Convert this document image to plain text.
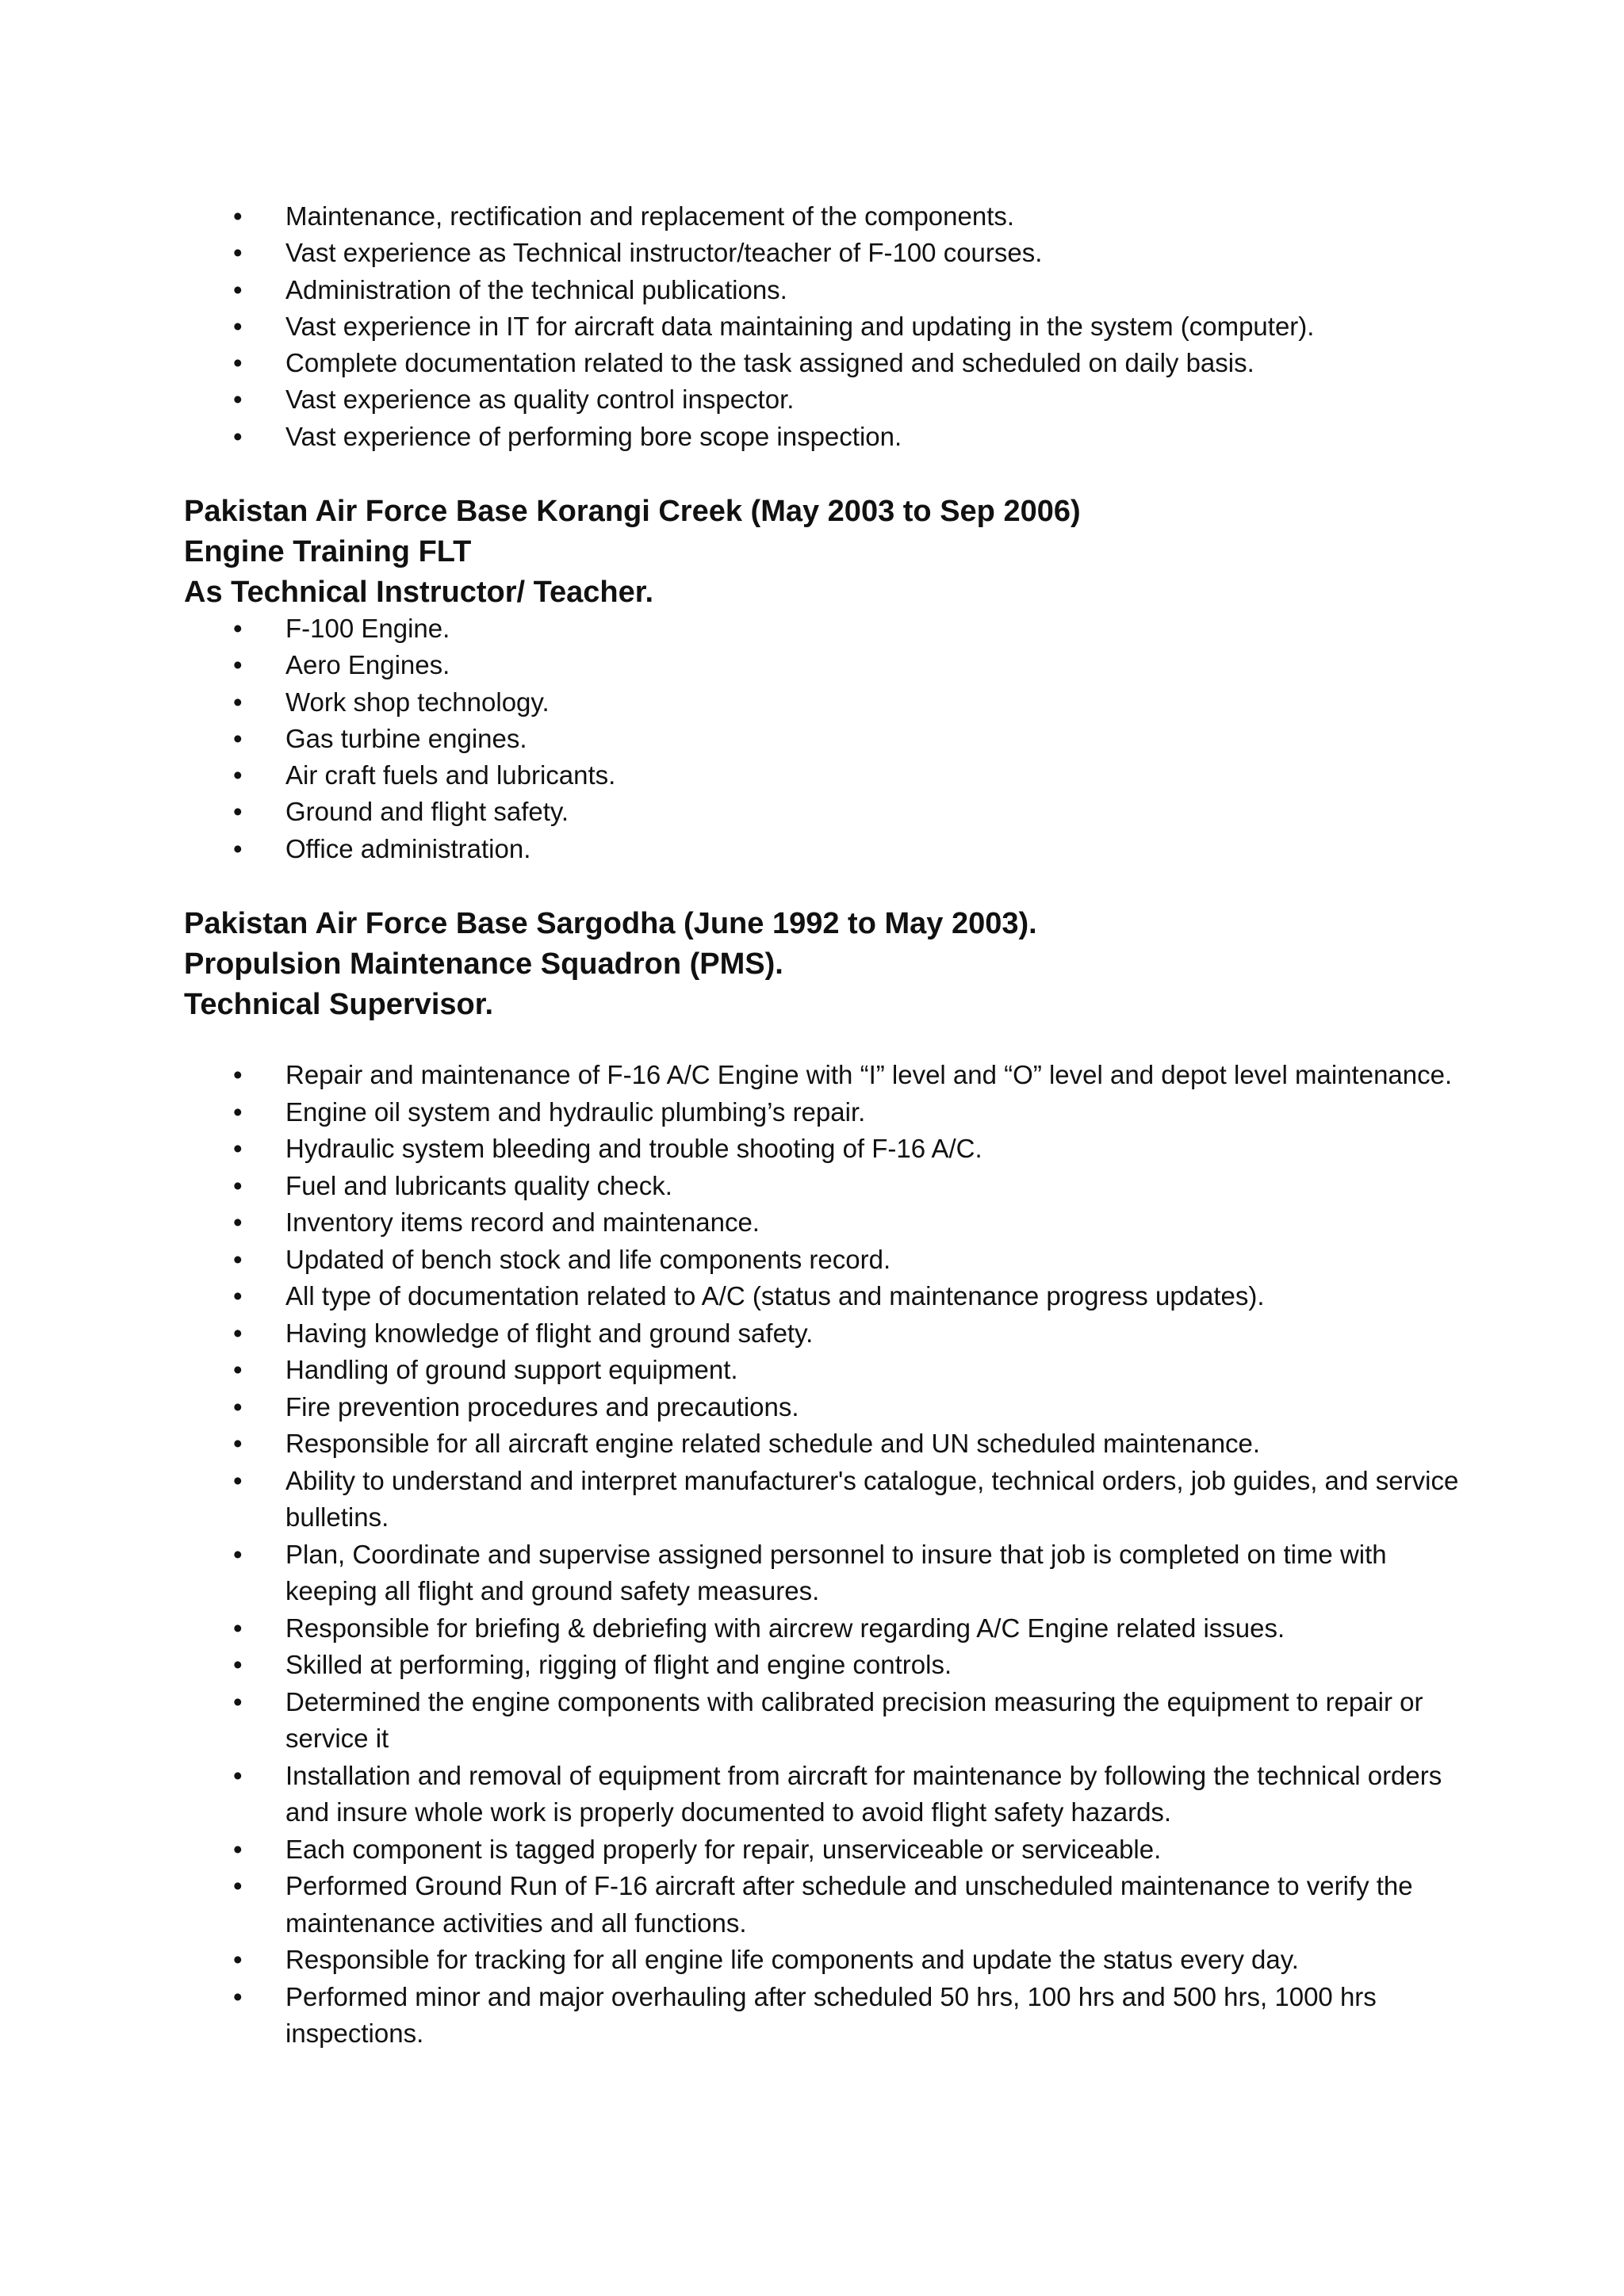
• Maintenance, rectification and replacement of the components.
• Vast experience as Technical instructor/teacher of F-100 courses.
• Administration of the technical publications.
• Vast experience in IT for aircraft data maintaining and updating in the system (computer).
• Complete documentation related to the task assigned and scheduled on daily basis.
• Vast experience as quality control inspector.
• Vast experience of performing bore scope inspection.

Pakistan Air Force Base Korangi Creek (May 2003 to Sep 2006)

Engine Training FLT

As Technical Instructor/ Teacher.

• F-100 Engine.
• Aero Engines.
• Work shop technology.
• Gas turbine engines.
• Air craft fuels and lubricants.
• Ground and flight safety.
• Office administration.

Pakistan Air Force Base Sargodha (June 1992 to May 2003).

Propulsion Maintenance Squadron (PMS).

Technical Supervisor.

• Repair and maintenance of F-16 A/C Engine with “I” level and “O” level and depot level maintenance.
• Engine oil system and hydraulic plumbing’s repair.
• Hydraulic system bleeding and trouble shooting of F-16 A/C.
• Fuel and lubricants quality check.
• Inventory items record and maintenance.
• Updated of bench stock and life components record.
• All type of documentation related to A/C (status and maintenance progress updates).
• Having knowledge of flight and ground safety.
• Handling of ground support equipment.
• Fire prevention procedures and precautions.
• Responsible for all aircraft engine related schedule and UN scheduled maintenance.
• Ability to understand and interpret manufacturer's catalogue, technical orders, job guides, and service bulletins.
• Plan, Coordinate and supervise assigned personnel to insure that job is completed on time with keeping all flight and ground safety measures.
• Responsible for briefing & debriefing with aircrew regarding A/C Engine related issues.
• Skilled at performing, rigging of flight and engine controls.
• Determined the engine components with calibrated precision measuring the equipment to repair or service it
• Installation and removal of equipment from aircraft for maintenance by following the technical orders and insure whole work is properly documented to avoid flight safety hazards.
• Each component is tagged properly for repair, unserviceable or serviceable.
• Performed Ground Run of F-16 aircraft after schedule and unscheduled maintenance to verify the maintenance activities and all functions.
• Responsible for tracking for all engine life components and update the status every day.
• Performed minor and major overhauling after scheduled 50 hrs, 100 hrs and 500 hrs, 1000 hrs inspections.
